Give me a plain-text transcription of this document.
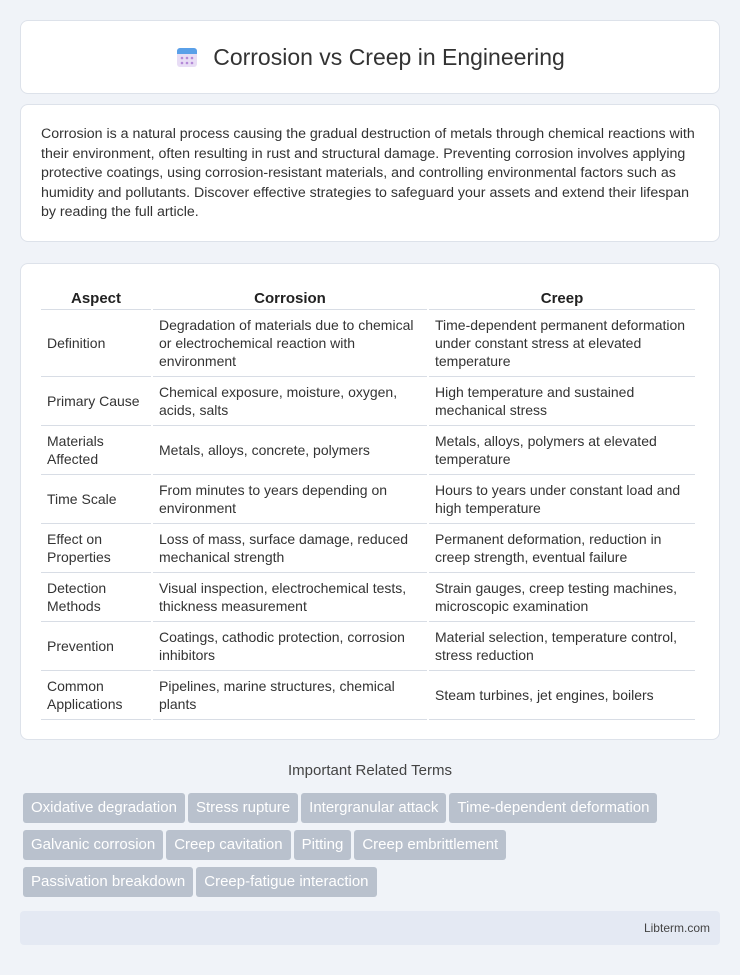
Corrosion vs Creep in Engineering

Corrosion is a natural process causing the gradual destruction of metals through chemical reactions with their environment, often resulting in rust and structural damage. Preventing corrosion involves applying protective coatings, using corrosion-resistant materials, and controlling environmental factors such as humidity and pollutants. Discover effective strategies to safeguard your assets and extend their lifespan by reading the full article.

Aspect	Corrosion	Creep
Definition	Degradation of materials due to chemical or electrochemical reaction with environment	Time-dependent permanent deformation under constant stress at elevated temperature
Primary Cause	Chemical exposure, moisture, oxygen, acids, salts	High temperature and sustained mechanical stress
Materials Affected	Metals, alloys, concrete, polymers	Metals, alloys, polymers at elevated temperature
Time Scale	From minutes to years depending on environment	Hours to years under constant load and high temperature
Effect on Properties	Loss of mass, surface damage, reduced mechanical strength	Permanent deformation, reduction in creep strength, eventual failure
Detection Methods	Visual inspection, electrochemical tests, thickness measurement	Strain gauges, creep testing machines, microscopic examination
Prevention	Coatings, cathodic protection, corrosion inhibitors	Material selection, temperature control, stress reduction
Common Applications	Pipelines, marine structures, chemical plants	Steam turbines, jet engines, boilers
Important Related Terms
Oxidative degradation Stress rupture Intergranular attack Time-dependent deformation
Galvanic corrosion Creep cavitation Pitting Creep embrittlement
Passivation breakdown Creep-fatigue interaction
Libterm.com
